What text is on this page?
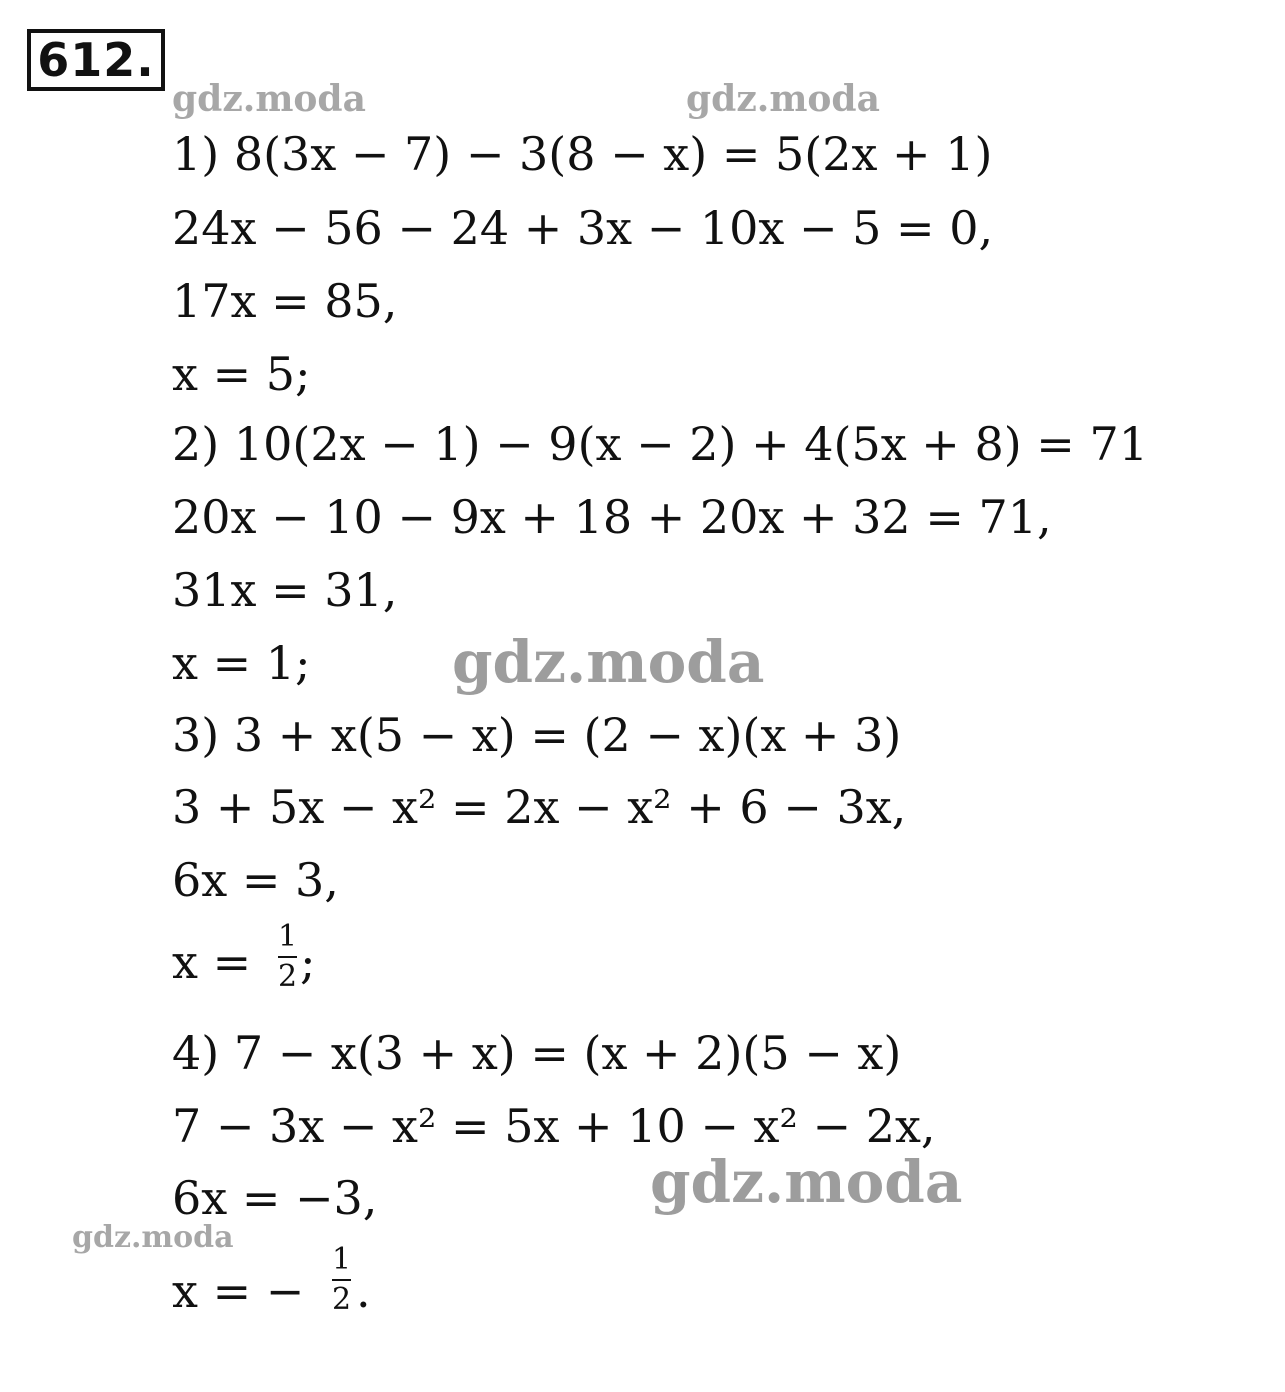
612.
gdz.moda	gdz.moda
1) 8(3x − 7) − 3(8 − x) = 5(2x + 1)
24x − 56 − 24 + 3x − 10x − 5 = 0,
17x = 85,
x = 5;
2) 10(2x − 1) − 9(x − 2) + 4(5x + 8) = 71
20x − 10 − 9x + 18 + 20x + 32 = 71,
31x = 31,
x = 1;
3) 3 + x(5 − x) = (2 − x)(x + 3)
3 + 5x − x² = 2x − x² + 6 − 3x,
6x = 3,
x = 1
2 ;
4) 7 − x(3 + x) = (x + 2)(5 − x)
7 − 3x − x² = 5x + 10 − x² − 2x,
6x = −3,
x = −
1
2 .
gdz.moda
gdz.moda
gdz.moda
